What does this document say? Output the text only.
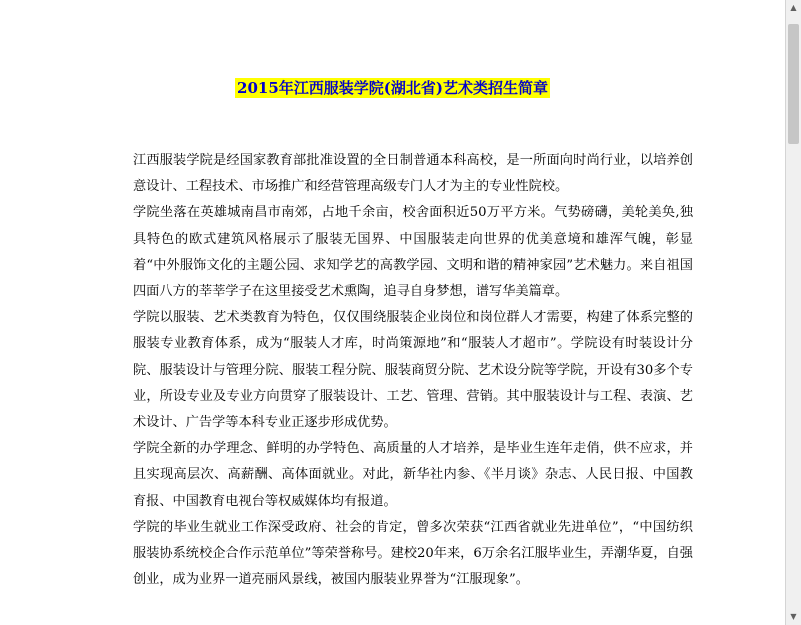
2015年江西服装学院(湖北省)艺术类招生简章

江西服装学院是经国家教育部批准设置的全日制普通本科高校，是一所面向时尚行业，以培养创意设计、工程技术、市场推广和经营管理高级专门人才为主的专业性院校。

学院坐落在英雄城南昌市南郊，占地千余亩，校舍面积近50万平方米。气势磅礴，美轮美奂,独具特色的欧式建筑风格展示了服装无国界、中国服装走向世界的优美意境和雄浑气魄，彰显着“中外服饰文化的主题公园、求知学艺的高教学园、文明和谐的精神家园”艺术魅力。来自祖国四面八方的莘莘学子在这里接受艺术熏陶，追寻自身梦想，谱写华美篇章。

学院以服装、艺术类教育为特色，仅仅围绕服装企业岗位和岗位群人才需要，构建了体系完整的服装专业教育体系，成为“服装人才库，时尚策源地”和“服装人才超市”。学院设有时装设计分院、服装设计与管理分院、服装工程分院、服装商贸分院、艺术设分院等学院，开设有30多个专业，所设专业及专业方向贯穿了服装设计、工艺、管理、营销。其中服装设计与工程、表演、艺术设计、广告学等本科专业正逐步形成优势。

学院全新的办学理念、鲜明的办学特色、高质量的人才培养，是毕业生连年走俏，供不应求，并且实现高层次、高薪酬、高体面就业。对此，新华社内参、《半月谈》杂志、人民日报、中国教育报、中国教育电视台等权威媒体均有报道。

学院的毕业生就业工作深受政府、社会的肯定，曾多次荣获“江西省就业先进单位”，“中国纺织服装协系统校企合作示范单位”等荣誉称号。建校20年来，6万余名江服毕业生，弄潮华夏，自强创业，成为业界一道亮丽风景线，被国内服装业界誉为“江服现象”。

▲
▼
